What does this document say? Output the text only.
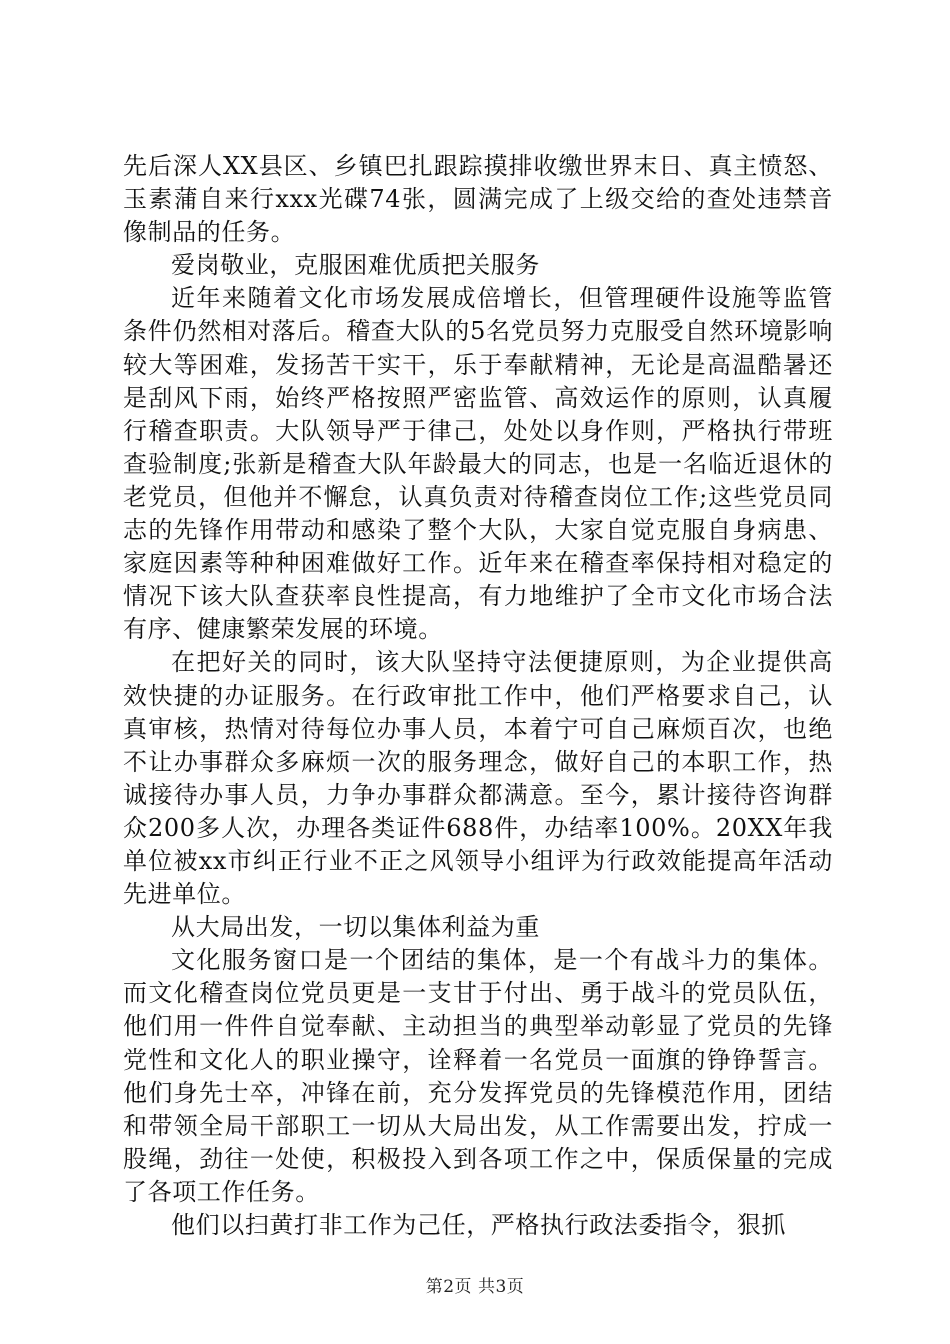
先后深人XX县区、乡镇巴扎跟踪摸排收缴世界末日、真主愤怒、玉素蒲自来行xxx光碟74张，圆满完成了上级交给的查处违禁音像制品的任务。

爱岗敬业，克服困难优质把关服务

近年来随着文化市场发展成倍增长，但管理硬件设施等监管条件仍然相对落后。稽查大队的5名党员努力克服受自然环境影响较大等困难，发扬苦干实干，乐于奉献精神，无论是高温酷暑还是刮风下雨，始终严格按照严密监管、高效运作的原则，认真履行稽查职责。大队领导严于律己，处处以身作则，严格执行带班查验制度;张新是稽查大队年龄最大的同志，也是一名临近退休的老党员，但他并不懈怠，认真负责对待稽查岗位工作;这些党员同志的先锋作用带动和感染了整个大队，大家自觉克服自身病患、家庭因素等种种困难做好工作。近年来在稽查率保持相对稳定的情况下该大队查获率良性提高，有力地维护了全市文化市场合法有序、健康繁荣发展的环境。

在把好关的同时，该大队坚持守法便捷原则，为企业提供高效快捷的办证服务。在行政审批工作中，他们严格要求自己，认真审核，热情对待每位办事人员，本着宁可自己麻烦百次，也绝不让办事群众多麻烦一次的服务理念，做好自己的本职工作，热诚接待办事人员，力争办事群众都满意。至今，累计接待咨询群众200多人次，办理各类证件688件，办结率100%。20XX年我单位被xx市纠正行业不正之风领导小组评为行政效能提高年活动先进单位。

从大局出发，一切以集体利益为重

文化服务窗口是一个团结的集体，是一个有战斗力的集体。而文化稽查岗位党员更是一支甘于付出、勇于战斗的党员队伍，他们用一件件自觉奉献、主动担当的典型举动彰显了党员的先锋党性和文化人的职业操守，诠释着一名党员一面旗的铮铮誓言。他们身先士卒，冲锋在前，充分发挥党员的先锋模范作用，团结和带领全局干部职工一切从大局出发，从工作需要出发，拧成一股绳，劲往一处使，积极投入到各项工作之中，保质保量的完成了各项工作任务。

他们以扫黄打非工作为己任，严格执行政法委指令，狠抓

第2页 共3页
